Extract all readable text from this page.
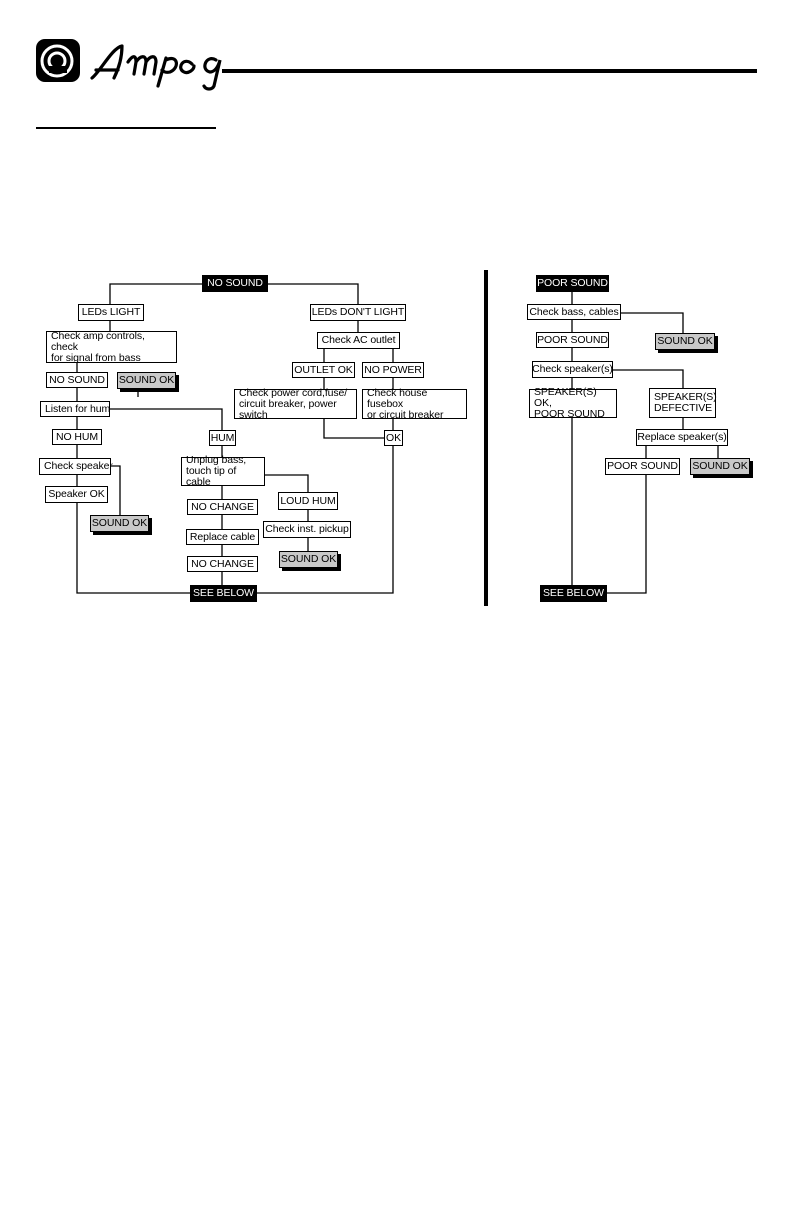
NO SOUND
LEDs LIGHT	LEDs DON'T LIGHT
Check amp controls, check
for signal from bass
Check AC outlet
NO SOUND SOUND OK
OUTLET OK NO POWER
Listen for hum
Check power cord,fuse/
circuit breaker, power switch
Check house fusebox
or circuit breaker
NO HUM	HUM	OK
Check speaker	Unplug bass,
touch tip of cable
Speaker OK
LOUD HUM
NO CHANGE
SOUND OK	Check inst. pickup
Replace cable
SOUND OK
NO CHANGE
SEE BELOW
POOR SOUND
Check bass, cables
POOR SOUND	SOUND OK
Check speaker(s)
SPEAKER(S) OK,
POOR SOUND
SPEAKER(S)
DEFECTIVE
Replace speaker(s)
POOR SOUND SOUND OK
SEE BELOW
